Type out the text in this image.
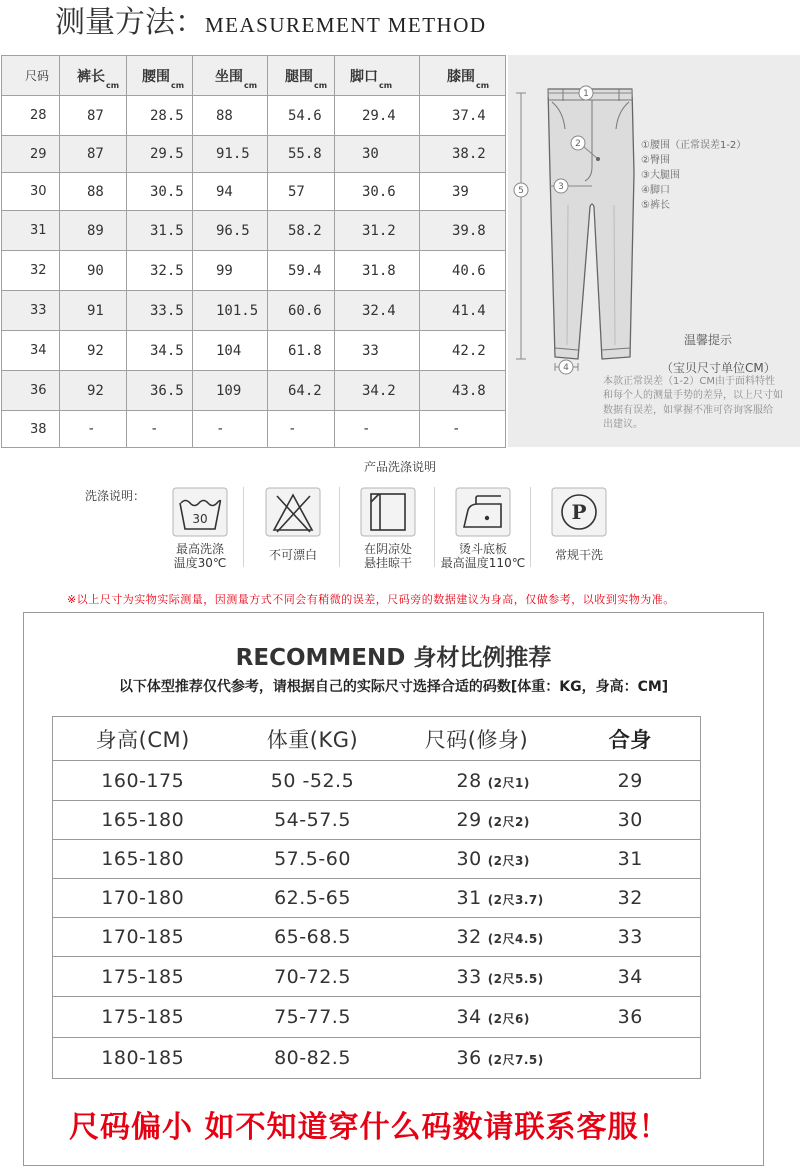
测量方法：MEASUREMENT METHOD
尺码	裤长$_{cm}$	腰围$_{cm}$	坐围$_{cm}$	腿围$_{cm}$	脚口$_{cm}$	膝围$_{cm}$
28	87	28.5	88	54.6	29.4	37.4
29	87	29.5	91.5	55.8	30	38.2
30	88	30.5	94	57	30.6	39
31	89	31.5	96.5	58.2	31.2	39.8
32	90	32.5	99	59.4	31.8	40.6
33	91	33.5	101.5	60.6	32.4	41.4
34	92	34.5	104	61.8	33	42.2
36	92	36.5	109	64.2	34.2	43.8
38	-	-	-	-	-	-
1
2
3
4
5
①腰围（正常误差1-2）
②臀围
③大腿围
④脚口
⑤裤长
温馨提示
（宝贝尺寸单位CM）
本款正常误差（1-2）CM由于面料特性
和每个人的测量手势的差异，以上尺寸如
数据有误差，如掌握不准可咨询客服给
出建议。
产品洗涤说明
洗涤说明：
30
最高洗涤
温度30℃
不可漂白	在阴凉处
悬挂晾干
烫斗底板
最高温度110℃
P
常规干洗
※以上尺寸为实物实际测量，因测量方式不同会有稍微的误差，尺码旁的数据建议为身高，仅做参考，以收到实物为准。
RECOMMEND 身材比例推荐
以下体型推荐仅代参考，请根据自己的实际尺寸选择合适的码数[体重：KG，身高：CM]
身高(CM)	体重(KG)	尺码(修身)	合身
160-175	50 -52.5	28 (2尺1)	29
165-180	54-57.5	29 (2尺2)	30
165-180	57.5-60	30 (2尺3)	31
170-180	62.5-65	31 (2尺3.7)	32
170-185	65-68.5	32 (2尺4.5)	33
175-185	70-72.5	33 (2尺5.5)	34
175-185	75-77.5	34 (2尺6)	36
180-185	80-82.5	36 (2尺7.5)	
尺码偏小 如不知道穿什么码数请联系客服！
